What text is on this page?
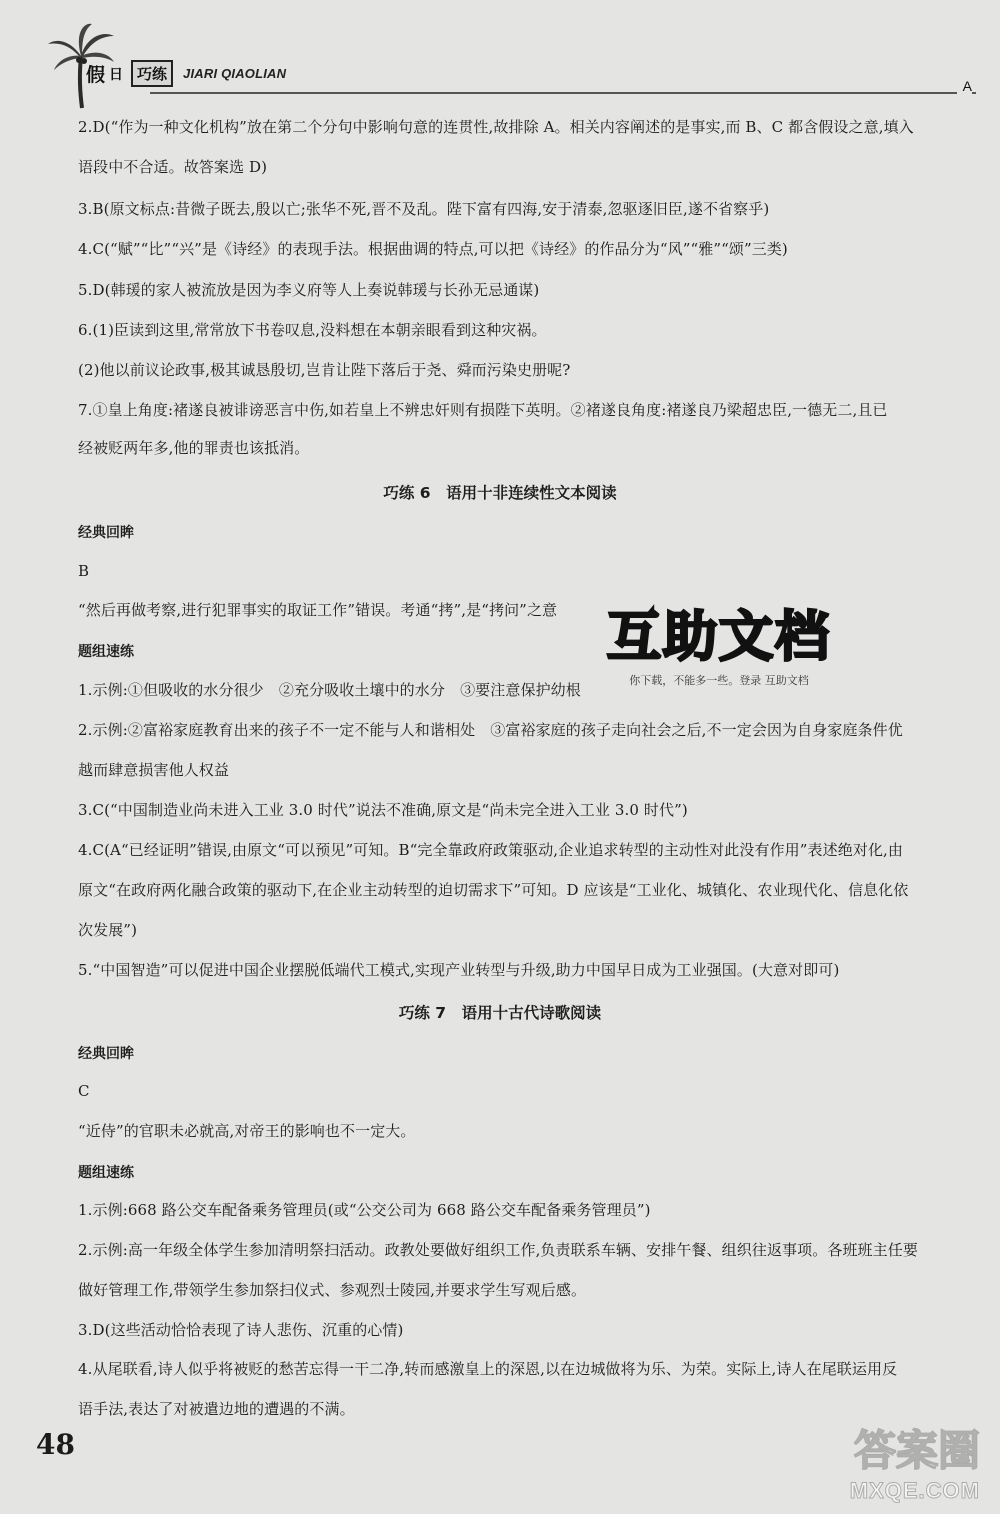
假 日 巧练	JIARI QIAOLIAN
A
2.D(“作为一种文化机构”放在第二个分句中影响句意的连贯性,故排除 A。相关内容阐述的是事实,而 B、C 都含假设之意,填入
语段中不合适。故答案选 D)
3.B(原文标点:昔微子既去,殷以亡;张华不死,晋不及乱。陛下富有四海,安于清泰,忽驱逐旧臣,遂不省察乎)
4.C(“赋”“比”“兴”是《诗经》的表现手法。根据曲调的特点,可以把《诗经》的作品分为“风”“雅”“颂”三类)
5.D(韩瑗的家人被流放是因为李义府等人上奏说韩瑗与长孙无忌通谋)
6.(1)臣读到这里,常常放下书卷叹息,没料想在本朝亲眼看到这种灾祸。
(2)他以前议论政事,极其诚恳殷切,岂肯让陛下落后于尧、舜而污染史册呢?
7.①皇上角度:褚遂良被诽谤恶言中伤,如若皇上不辨忠奸则有损陛下英明。②褚遂良角度:褚遂良乃梁超忠臣,一德无二,且已
经被贬两年多,他的罪责也该抵消。
巧练 6　语用十非连续性文本阅读
经典回眸
B
“然后再做考察,进行犯罪事实的取证工作”错误。考通“拷”,是“拷问”之意
题组速练
1.示例:①但吸收的水分很少　②充分吸收土壤中的水分　③要注意保护幼根
2.示例:②富裕家庭教育出来的孩子不一定不能与人和谐相处　③富裕家庭的孩子走向社会之后,不一定会因为自身家庭条件优
越而肆意损害他人权益
3.C(“中国制造业尚未进入工业 3.0 时代”说法不准确,原文是“尚未完全进入工业 3.0 时代”)
4.C(A“已经证明”错误,由原文“可以预见”可知。B“完全靠政府政策驱动,企业追求转型的主动性对此没有作用”表述绝对化,由
原文“在政府两化融合政策的驱动下,在企业主动转型的迫切需求下”可知。D 应该是“工业化、城镇化、农业现代化、信息化依
次发展”)
5.“中国智造”可以促进中国企业摆脱低端代工模式,实现产业转型与升级,助力中国早日成为工业强国。(大意对即可)
巧练 7　语用十古代诗歌阅读
经典回眸
C
“近侍”的官职未必就高,对帝王的影响也不一定大。
题组速练
1.示例:668 路公交车配备乘务管理员(或“公交公司为 668 路公交车配备乘务管理员”)
2.示例:高一年级全体学生参加清明祭扫活动。政教处要做好组织工作,负责联系车辆、安排午餐、组织往返事项。各班班主任要
做好管理工作,带领学生参加祭扫仪式、参观烈士陵园,并要求学生写观后感。
3.D(这些活动恰恰表现了诗人悲伤、沉重的心情)
4.从尾联看,诗人似乎将被贬的愁苦忘得一干二净,转而感激皇上的深恩,以在边城做将为乐、为荣。实际上,诗人在尾联运用反
语手法,表达了对被遣边地的遭遇的不满。
互助文档
你下载，不能多一些。登录 互助文档
48	答案圈
MXQE.COM
